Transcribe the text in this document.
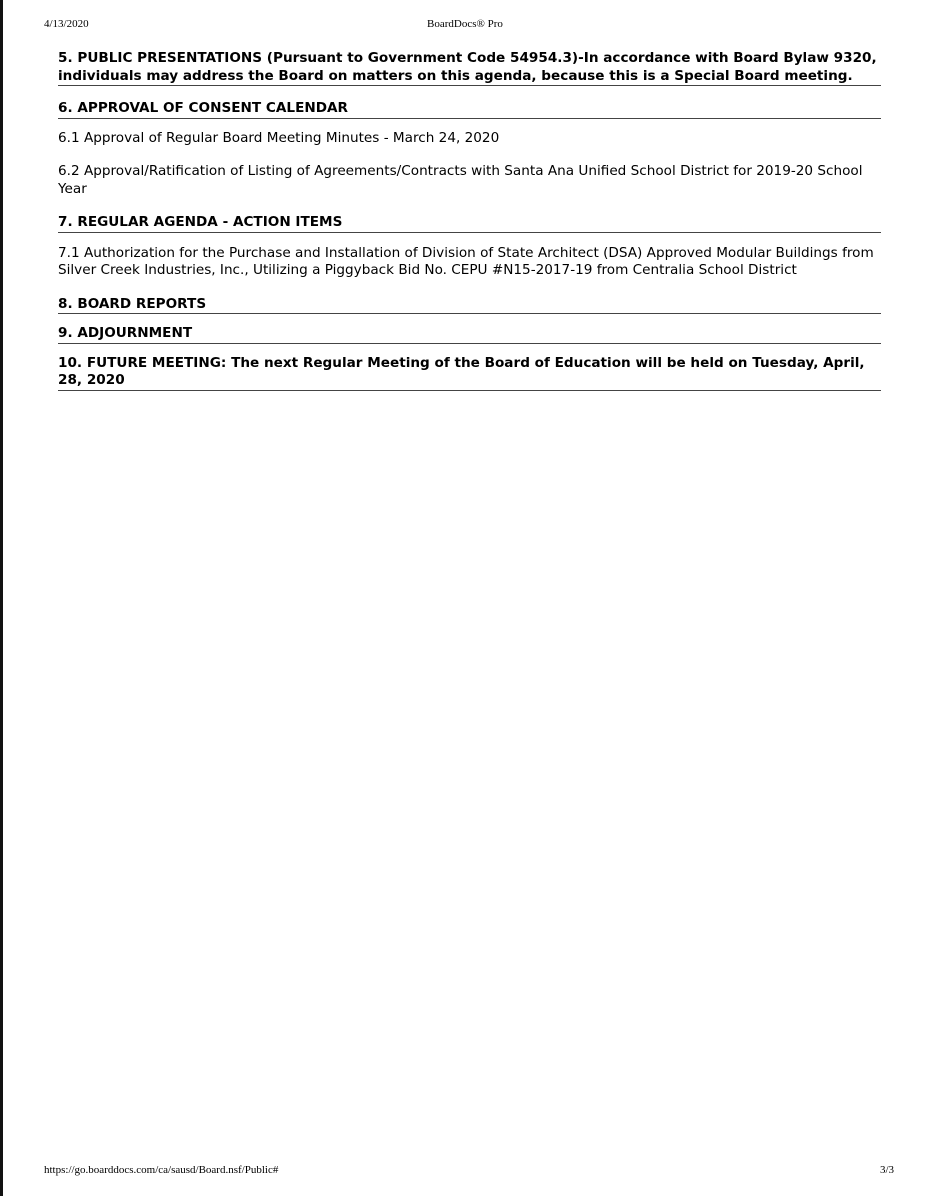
4/13/2020	BoardDocs® Pro
5. PUBLIC PRESENTATIONS (Pursuant to Government Code 54954.3)-In accordance with Board Bylaw 9320, individuals may address the Board on matters on this agenda, because this is a Special Board meeting.
6. APPROVAL OF CONSENT CALENDAR
6.1 Approval of Regular Board Meeting Minutes - March 24, 2020
6.2 Approval/Ratification of Listing of Agreements/Contracts with Santa Ana Unified School District for 2019-20 School Year
7. REGULAR AGENDA - ACTION ITEMS
7.1 Authorization for the Purchase and Installation of Division of State Architect (DSA) Approved Modular Buildings from Silver Creek Industries, Inc., Utilizing a Piggyback Bid No. CEPU #N15-2017-19 from Centralia School District
8. BOARD REPORTS
9. ADJOURNMENT
10. FUTURE MEETING: The next Regular Meeting of the Board of Education will be held on Tuesday, April, 28, 2020
https://go.boarddocs.com/ca/sausd/Board.nsf/Public#	3/3
